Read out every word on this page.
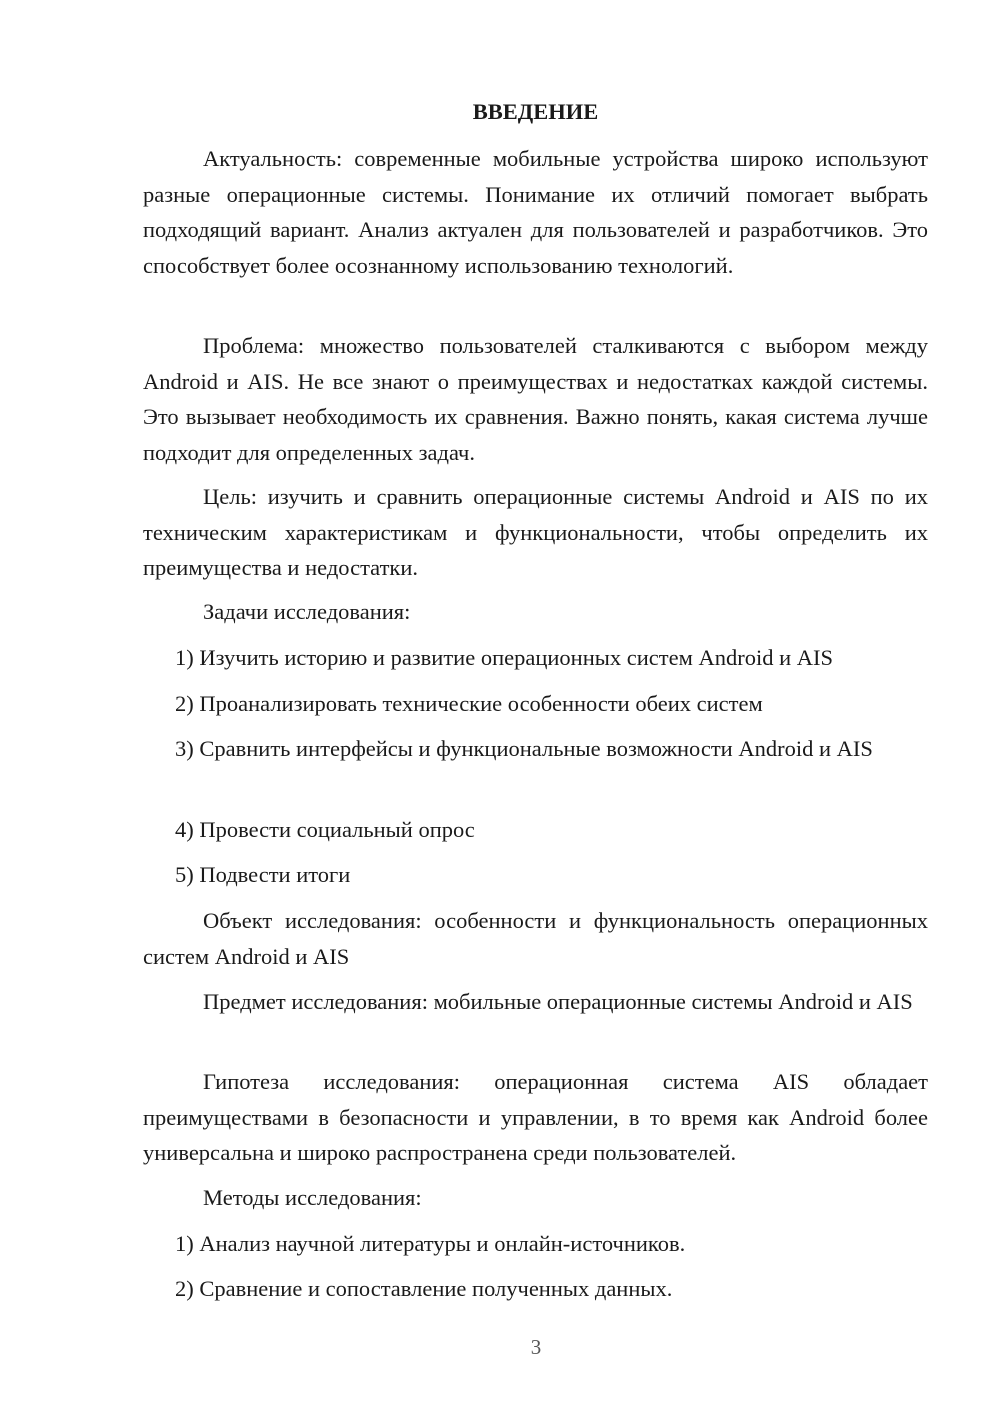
ВВЕДЕНИЕ

Актуальность: современные мобильные устройства широко используют разные операционные системы. Понимание их отличий помогает выбрать подходящий вариант. Анализ актуален для пользователей и разработчиков. Это способствует более осознанному использованию технологий.

Проблема: множество пользователей сталкиваются с выбором между Android и AIS. Не все знают о преимуществах и недостатках каждой системы. Это вызывает необходимость их сравнения. Важно понять, какая система лучше подходит для определенных задач.

Цель: изучить и сравнить операционные системы Android и AIS по их техническим характеристикам и функциональности, чтобы определить их преимущества и недостатки.

Задачи исследования:

1) Изучить историю и развитие операционных систем Android и AIS

2) Проанализировать технические особенности обеих систем

3) Сравнить интерфейсы и функциональные возможности Android и AIS

4) Провести социальный опрос

5) Подвести итоги

Объект исследования: особенности и функциональность операционных систем Android и AIS

Предмет исследования: мобильные операционные системы Android и AIS

Гипотеза исследования: операционная система AIS обладает преимуществами в безопасности и управлении, в то время как Android более универсальна и широко распространена среди пользователей.

Методы исследования:

1) Анализ научной литературы и онлайн-источников.

2) Сравнение и сопоставление полученных данных.

3
